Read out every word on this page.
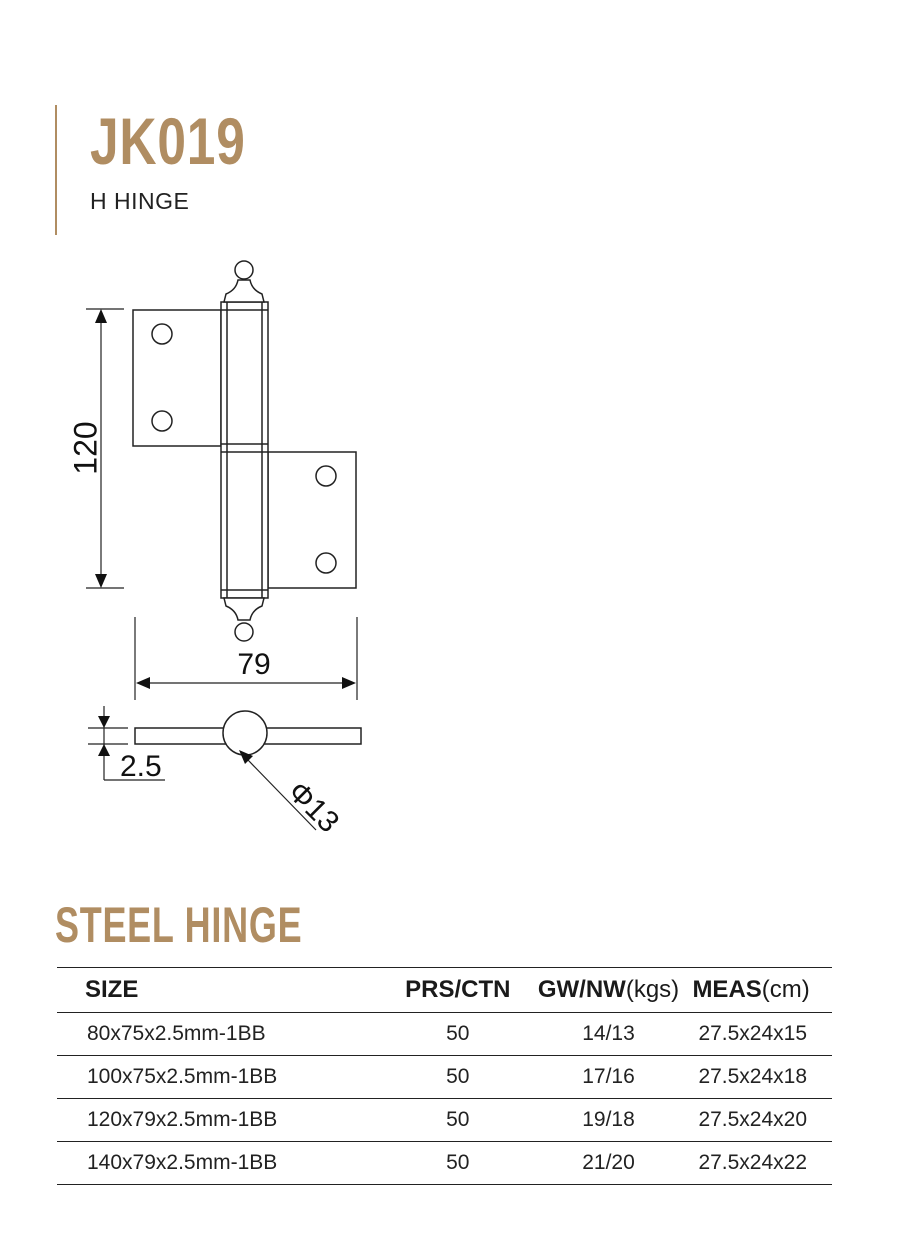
JK019
H HINGE
120
79
2.5
Φ13
STEEL HINGE
SIZE	PRS/CTN	GW/NW(kgs)	MEAS(cm)
80x75x2.5mm-1BB	50	14/13	27.5x24x15
100x75x2.5mm-1BB	50	17/16	27.5x24x18
120x79x2.5mm-1BB	50	19/18	27.5x24x20
140x79x2.5mm-1BB	50	21/20	27.5x24x22
